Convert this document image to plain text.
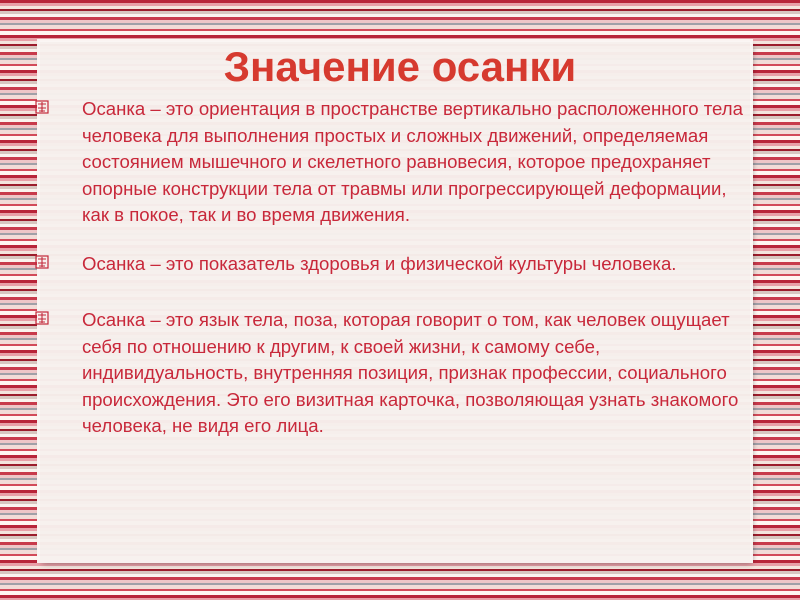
Значение осанки

Осанка – это ориентация в пространстве вертикально расположенного тела человека для выполнения простых и сложных движений, определяемая состоянием мышечного и скелетного равновесия, которое предохраняет опорные конструкции тела от травмы или прогрессирующей деформации, как в покое, так и во время движения.

Осанка – это показатель здоровья и физической культуры человека.

Осанка – это язык тела, поза, которая говорит о том, как человек ощущает себя по отношению к другим, к своей жизни, к самому себе, индивидуальность, внутренняя позиция, признак профессии, социального происхождения. Это его визитная карточка, позволяющая узнать знакомого человека, не видя его лица.
